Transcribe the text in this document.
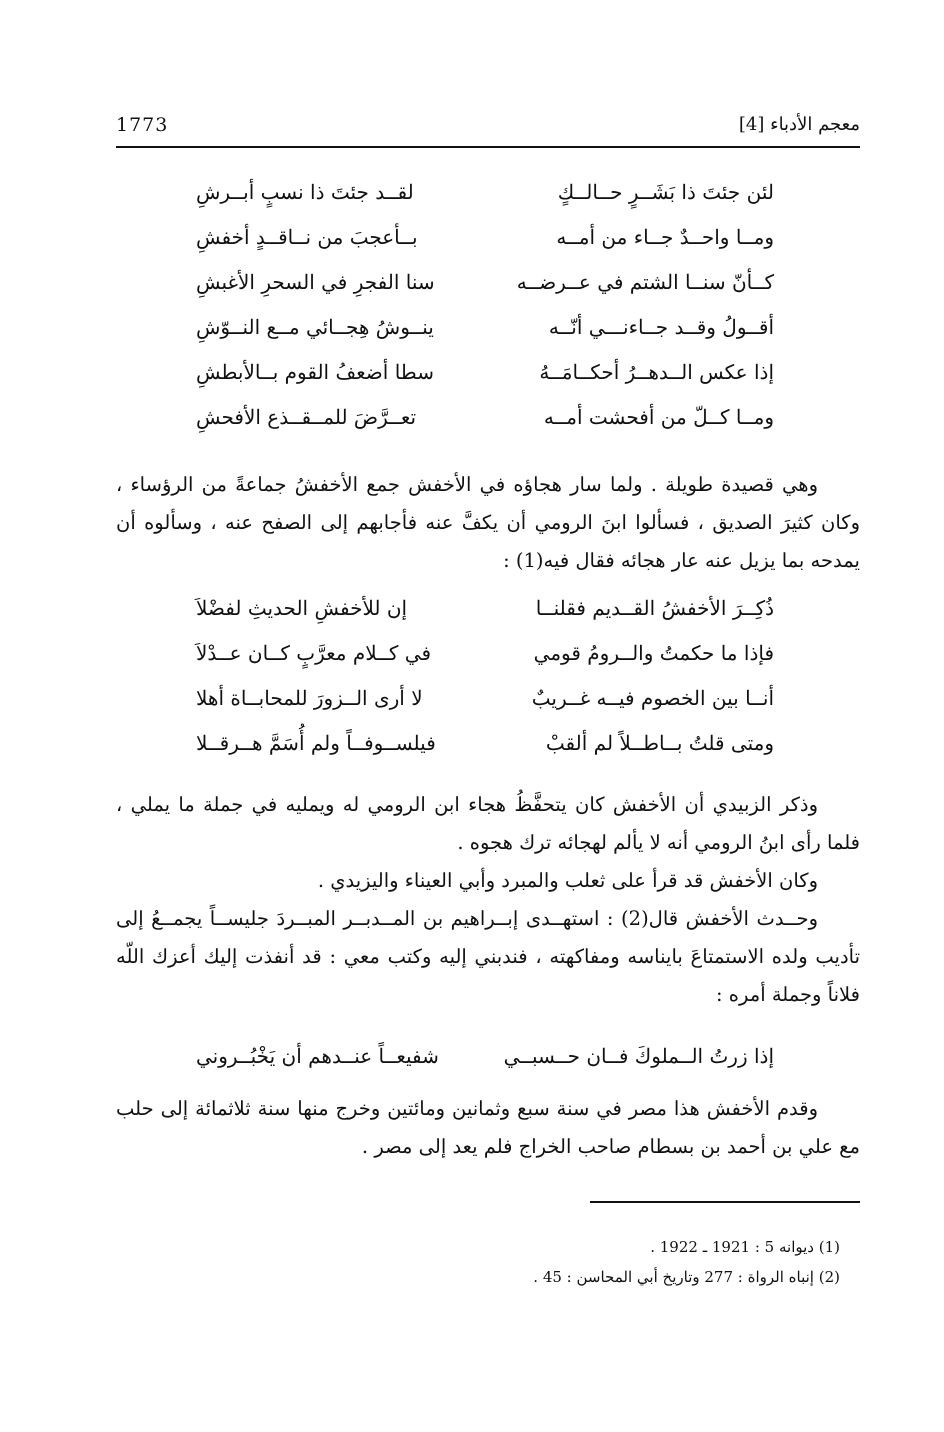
1773	معجم الأدباء [4]
لئن جئتَ ذا بَشَــرٍ حــالــكٍ
لقــد جئتَ ذا نسبٍ أبــرشِ
ومــا واحــدٌ جــاء من أمــه
بــأعجبَ من نــاقــدٍ أخفشِ
كــأنّ سنــا الشتم في عــرضــه
سنا الفجرِ في السحرِ الأغبشِ
أقــولُ وقــد جــاءنـــي أنّــه
ينــوشُ هِجــائي مــع النــوّشِ
إذا عكس الــدهــرُ أحكــامَــهُ
سطا أضعفُ القوم بــالأبطشِ
ومــا كــلّ من أفحشت أمــه
تعــرَّضَ للمــقــذع الأفحشِ

وهي قصيدة طويلة . ولما سار هجاؤه في الأخفش جمع الأخفشُ جماعةً من الرؤساء ، وكان كثيرَ الصديق ، فسألوا ابنَ الرومي أن يكفَّ عنه فأجابهم إلى الصفح عنه ، وسألوه أن يمدحه بما يزيل عنه عار هجائه فقال فيه(1) :

ذُكِــرَ الأخفشُ القــديم فقلنــا
إن للأخفشِ الحديثِ لفضْلاَ
فإذا ما حكمتُ والــرومُ قومي
في كــلام معرَّبٍ كــان عــدْلاَ
أنــا بين الخصوم فيــه غــريبٌ
لا أرى الــزورَ للمحابــاة أهلا
ومتى قلتُ بــاطــلاً لم ألقبْ
فيلســوفــاً ولم أُسَمَّ هــرقــلا

وذكر الزبيدي أن الأخفش كان يتحفَّظُ هجاء ابن الرومي له ويمليه في جملة ما يملي ، فلما رأى ابنُ الرومي أنه لا يألم لهجائه ترك هجوه .

وكان الأخفش قد قرأ على ثعلب والمبرد وأبي العيناء واليزيدي .

وحــدث الأخفش قال(2) : استهــدى إبــراهيم بن المــدبــر المبــردَ جليســاً يجمــعُ إلى تأديب ولده الاستمتاعَ بايناسه ومفاكهته ، فندبني إليه وكتب معي : قد أنفذت إليك أعزك اللّه فلاناً وجملة أمره :

إذا زرتُ الــملوكَ فــان حــسبــي
شفيعــاً عنــدهم أن يَخْبُــروني

وقدم الأخفش هذا مصر في سنة سبع وثمانين ومائتين وخرج منها سنة ثلاثمائة إلى حلب مع علي بن أحمد بن بسطام صاحب الخراج فلم يعد إلى مصر .

(1) ديوانه 5 : 1921 ـ 1922 .

(2) إنباه الرواة : 277 وتاريخ أبي المحاسن : 45 .
